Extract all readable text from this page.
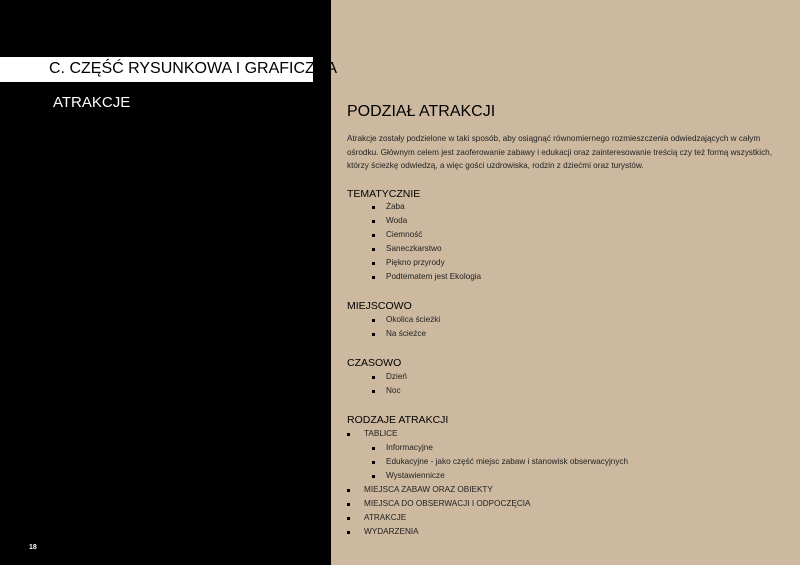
C. CZĘŚĆ RYSUNKOWA I GRAFICZNA
ATRAKCJE
18
PODZIAŁ ATRAKCJI
Atrakcje zostały podzielone w taki sposób, aby osiągnąć równomiernego rozmieszczenia odwiedzających w całym ośrodku. Głównym celem jest zaoferowanie zabawy i edukacji oraz zainteresowanie treścią czy też formą wszystkich, którzy ściezkę odwiedzą, a więc gości uzdrowiska, rodzin z dziećmi oraz turystów.
TEMATYCZNIE
Żaba
Woda
Ciemność
Saneczkarstwo
Piękno przyrody
Podtematem jest Ekologia
MIEJSCOWO
Okolica ścieżki
Na ścieżce
CZASOWO
Dzień
Noc
RODZAJE ATRAKCJI
TABLICE
Informacyjne
Edukacyjne - jako część miejsc zabaw i stanowisk obserwacyjnych
Wystawiennicze
MIEJSCA ZABAW ORAZ OBIEKTY
MIEJSCA DO OBSERWACJI I ODPOCZĘCIA
ATRAKCJE
WYDARZENIA
